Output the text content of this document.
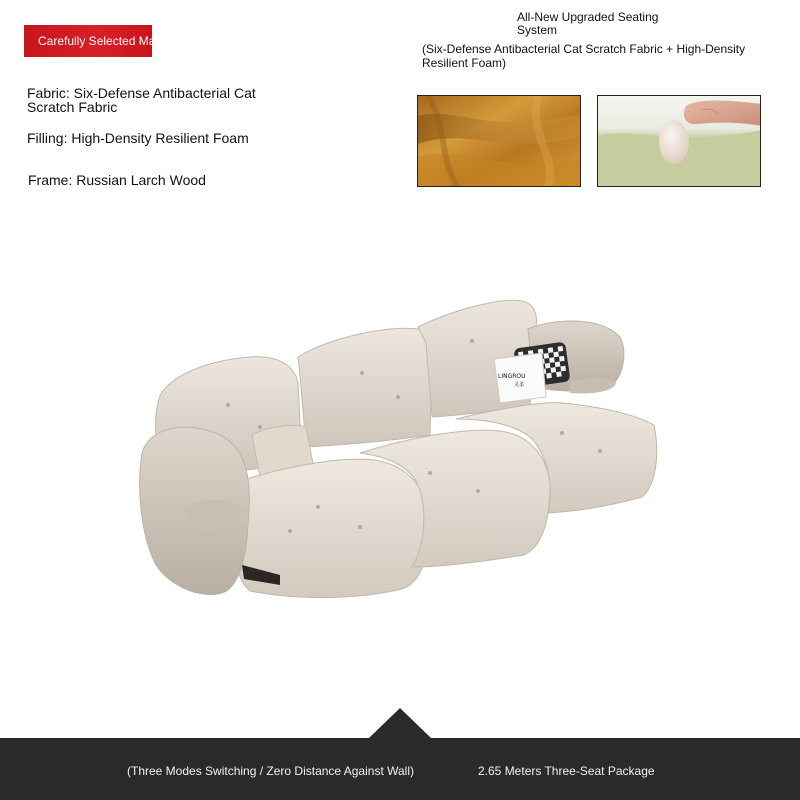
Carefully Selected Materials
Fabric: Six-Defense Antibacterial Cat Scratch Fabric
Filling: High-Density Resilient Foam
Frame: Russian Larch Wood
All-New Upgraded Seating System
(Six-Defense Antibacterial Cat Scratch Fabric + High-Density Resilient Foam)
LINGROU
灵柔
(Three Modes Switching / Zero Distance Against Wall)	2.65 Meters Three-Seat Package
